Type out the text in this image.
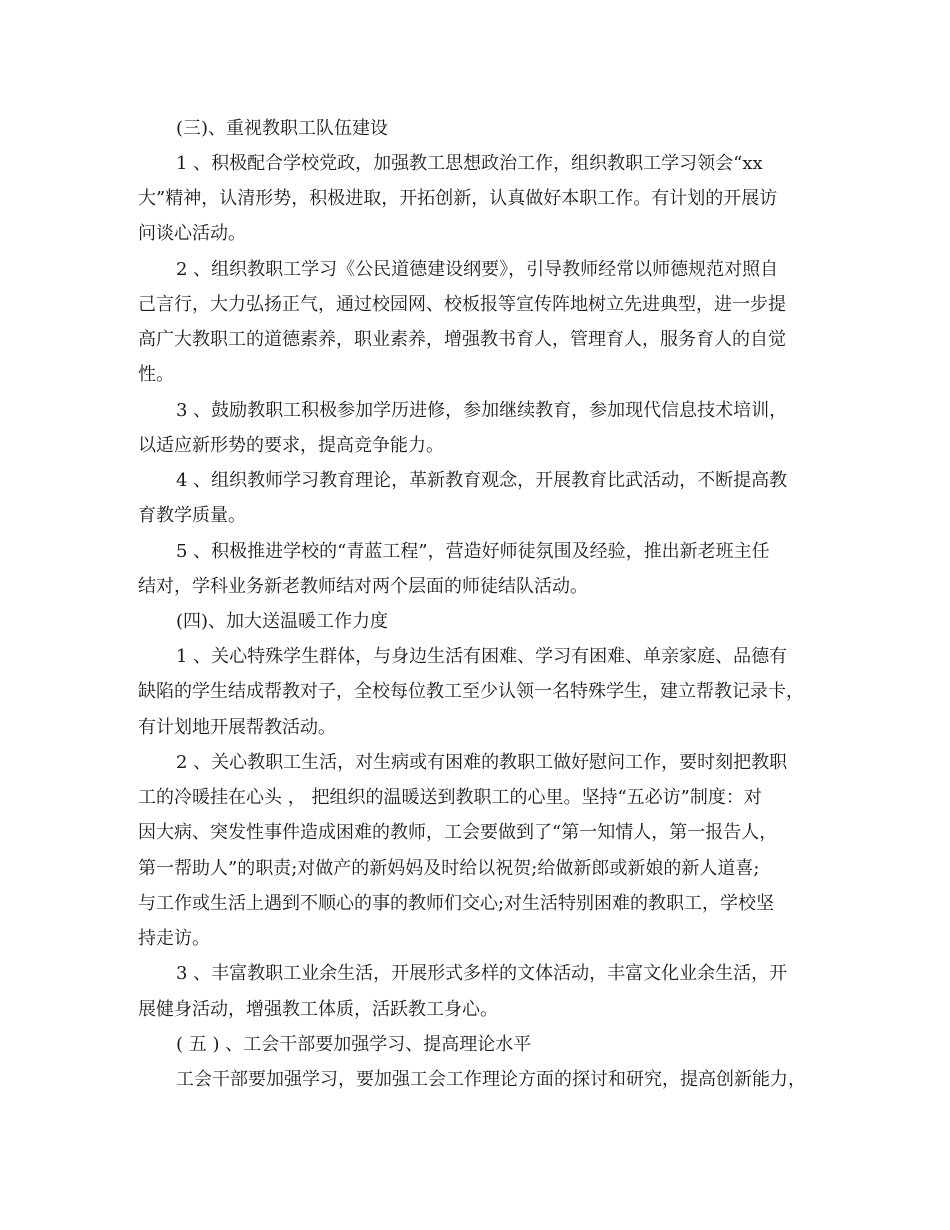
(三)、重视教职工队伍建设

1 、积极配合学校党政，加强教工思想政治工作，组织教职工学习领会“xx

大”精神，认清形势，积极进取，开拓创新，认真做好本职工作。有计划的开展访

问谈心活动。

2 、组织教职工学习《公民道德建设纲要》，引导教师经常以师德规范对照自

己言行，大力弘扬正气，通过校园网、校板报等宣传阵地树立先进典型，进一步提

高广大教职工的道德素养，职业素养，增强教书育人，管理育人，服务育人的自觉

性。

3 、鼓励教职工积极参加学历进修，参加继续教育，参加现代信息技术培训，

以适应新形势的要求，提高竞争能力。

4 、组织教师学习教育理论，革新教育观念，开展教育比武活动，不断提高教

育教学质量。

5 、积极推进学校的“青蓝工程”，营造好师徒氛围及经验，推出新老班主任

结对，学科业务新老教师结对两个层面的师徒结队活动。

(四)、加大送温暖工作力度

1 、关心特殊学生群体，与身边生活有困难、学习有困难、单亲家庭、品德有

缺陷的学生结成帮教对子，全校每位教工至少认领一名特殊学生，建立帮教记录卡，

有计划地开展帮教活动。

2 、关心教职工生活，对生病或有困难的教职工做好慰问工作，要时刻把教职

工的冷暖挂在心头 ， 把组织的温暖送到教职工的心里。坚持“五必访”制度：对

因大病、突发性事件造成困难的教师，工会要做到了“第一知情人，第一报告人，

第一帮助人”的职责;对做产的新妈妈及时给以祝贺;给做新郎或新娘的新人道喜;

与工作或生活上遇到不顺心的事的教师们交心;对生活特别困难的教职工，学校坚

持走访。

3 、丰富教职工业余生活，开展形式多样的文体活动，丰富文化业余生活，开

展健身活动，增强教工体质，活跃教工身心。

( 五 ) 、工会干部要加强学习、提高理论水平

工会干部要加强学习，要加强工会工作理论方面的探讨和研究，提高创新能力，
